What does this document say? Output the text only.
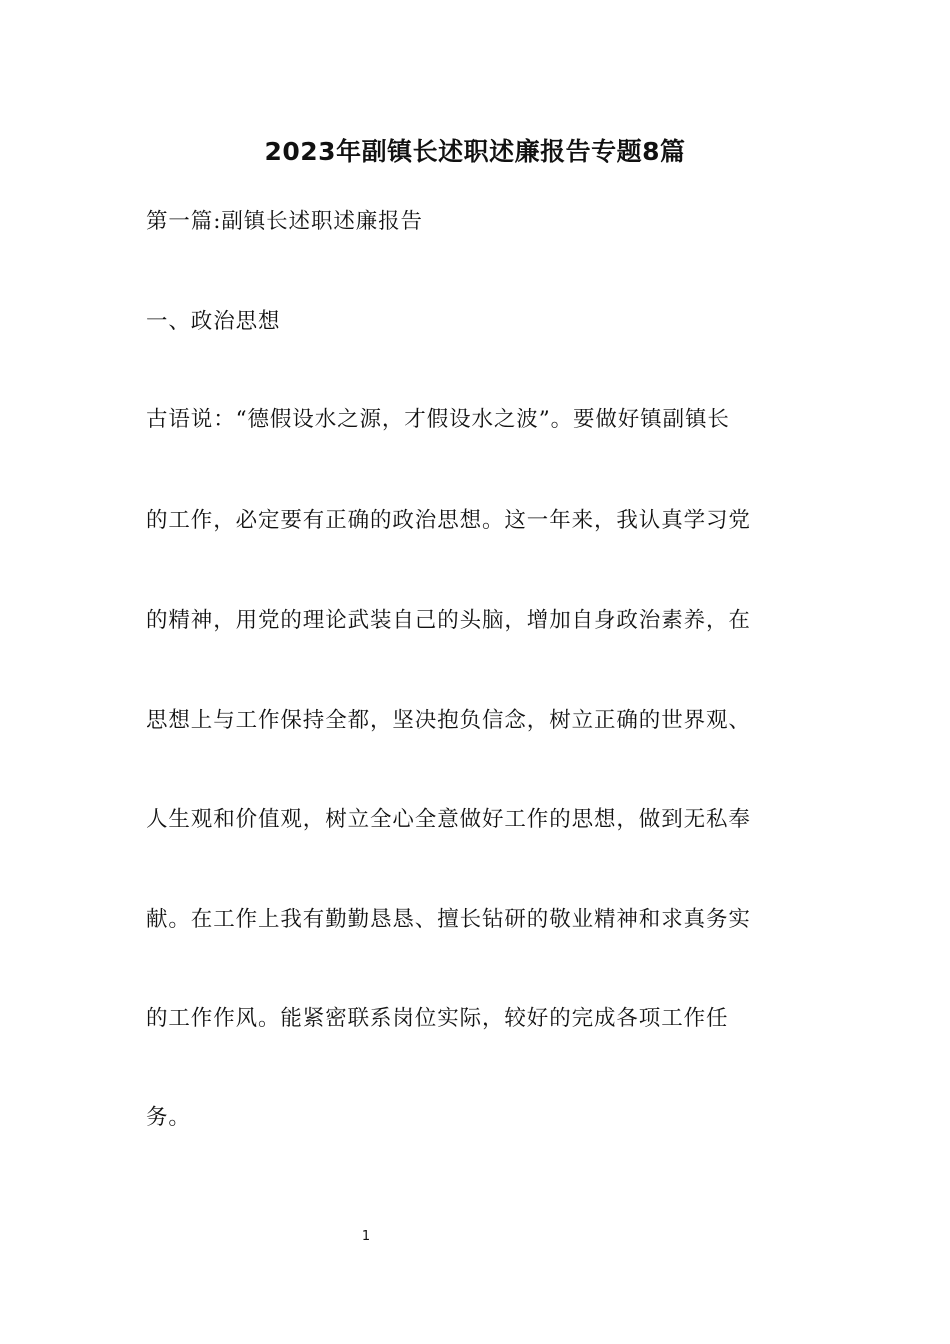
2023年副镇长述职述廉报告专题8篇
第一篇:副镇长述职述廉报告
一、政治思想
古语说：“德假设水之源，才假设水之波”。要做好镇副镇长
的工作，必定要有正确的政治思想。这一年来，我认真学习党
的精神，用党的理论武装自己的头脑，增加自身政治素养，在
思想上与工作保持全都，坚决抱负信念，树立正确的世界观、
人生观和价值观，树立全心全意做好工作的思想，做到无私奉
献。在工作上我有勤勤恳恳、擅长钻研的敬业精神和求真务实
的工作作风。能紧密联系岗位实际，较好的完成各项工作任
务。
1
